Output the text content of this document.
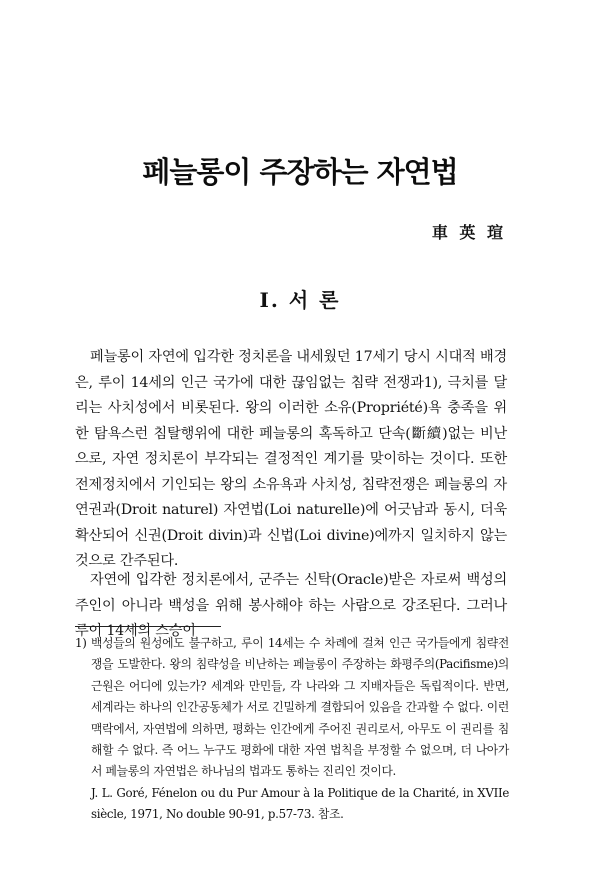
페늘롱이 주장하는 자연법
車 英 瑄
I. 서 론

페늘롱이 자연에 입각한 정치론을 내세웠던 17세기 당시 시대적 배경은, 루이 14세의 인근 국가에 대한 끊임없는 침략 전쟁과1), 극치를 달리는 사치성에서 비롯된다. 왕의 이러한 소유(Propriété)욕 충족을 위한 탐욕스런 침탈행위에 대한 페늘롱의 혹독하고 단속(斷續)없는 비난으로, 자연 정치론이 부각되는 결정적인 계기를 맞이하는 것이다. 또한 전제정치에서 기인되는 왕의 소유욕과 사치성, 침략전쟁은 페늘롱의 자연권과(Droit naturel) 자연법(Loi naturelle)에 어긋남과 동시, 더욱 확산되어 신권(Droit divin)과 신법(Loi divine)에까지 일치하지 않는 것으로 간주된다.

자연에 입각한 정치론에서, 군주는 신탁(Oracle)받은 자로써 백성의 주인이 아니라 백성을 위해 봉사해야 하는 사람으로 강조된다. 그러나 루이 14세의 스승이

1) 백성들의 원성에도 불구하고, 루이 14세는 수 차례에 걸쳐 인근 국가들에게 침략전쟁을 도발한다. 왕의 침략성을 비난하는 페늘롱이 주장하는 화평주의(Pacifisme)의 근원은 어디에 있는가? 세계와 만민들, 각 나라와 그 지배자들은 독립적이다. 반면, 세계라는 하나의 인간공동체가 서로 긴밀하게 결합되어 있음을 간과할 수 없다. 이런 맥락에서, 자연법에 의하면, 평화는 인간에게 주어진 권리로서, 아무도 이 권리를 침해할 수 없다. 즉 어느 누구도 평화에 대한 자연 법칙을 부정할 수 없으며, 더 나아가서 페늘롱의 자연법은 하나님의 법과도 통하는 진리인 것이다.
J. L. Goré, Fénelon ou du Pur Amour à la Politique de la Charité, in XVIIe siècle, 1971, No double 90-91, p.57-73. 참조.
